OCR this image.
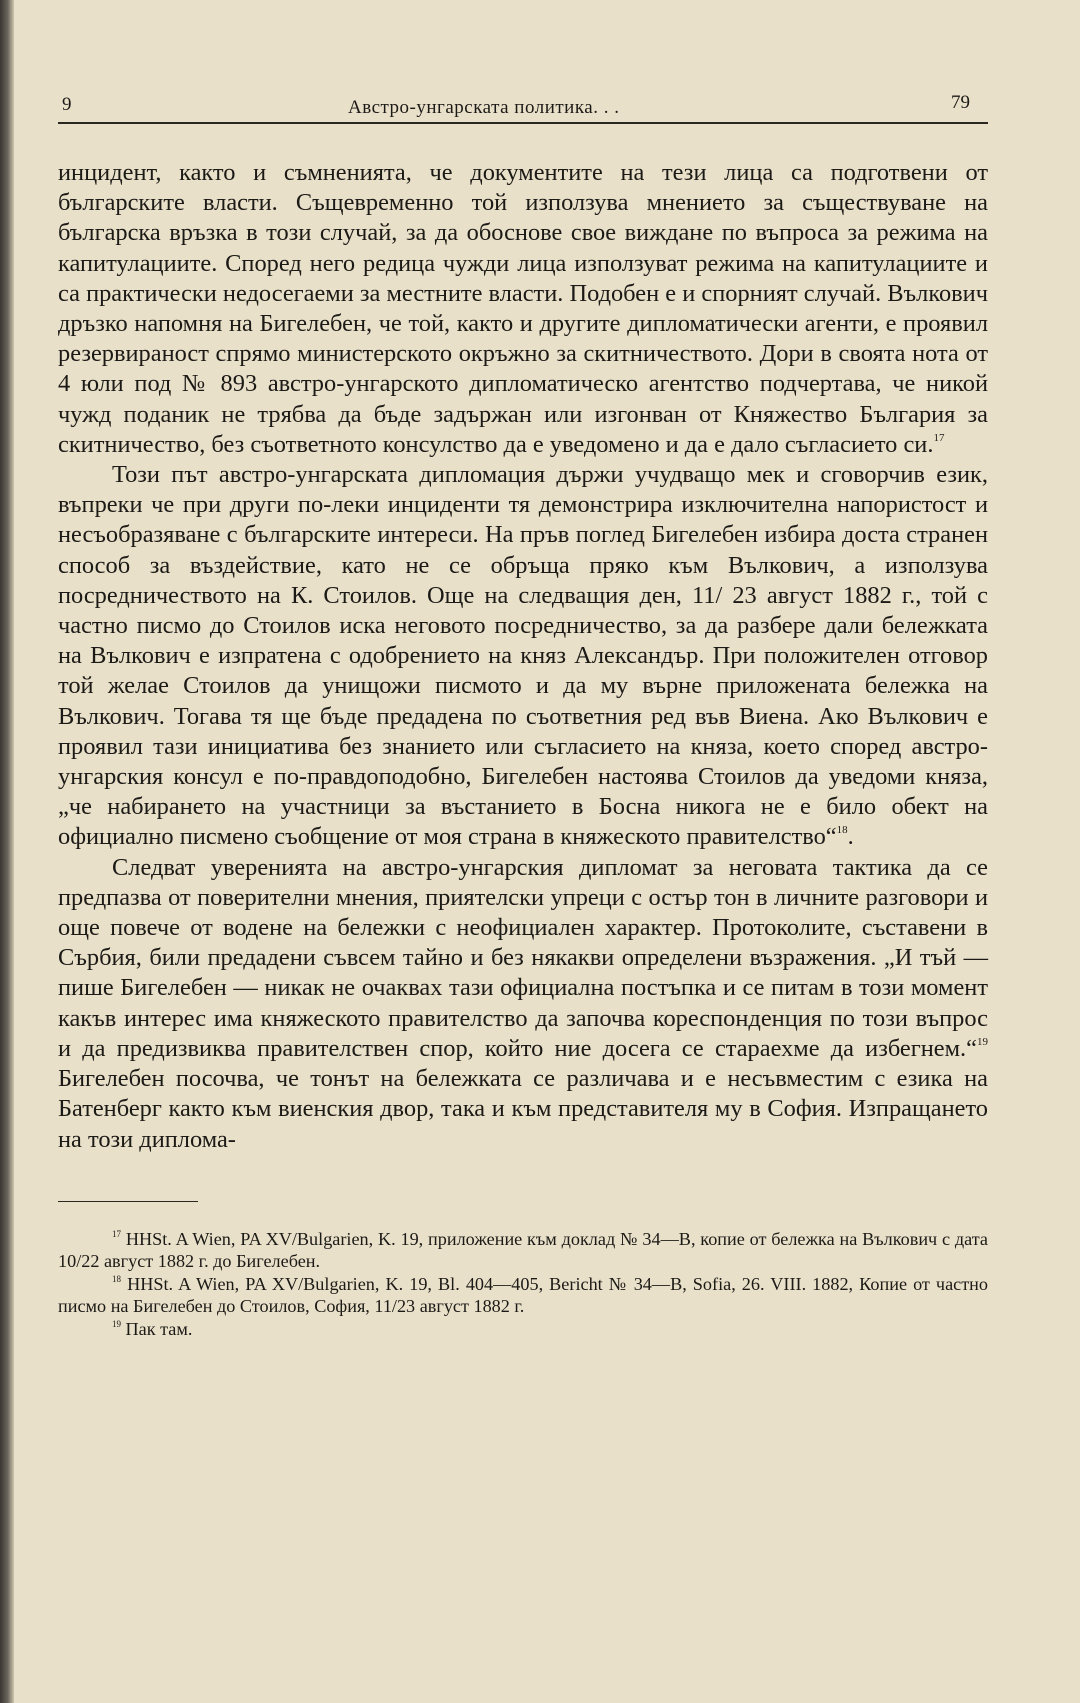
9	Австро-унгарската политика. . .	79

инцидент, както и съмненията, че документите на тези лица са подготвени от българските власти. Същевременно той използува мнението за съществуване на българска връзка в този случай, за да обоснове своe виждане по въпроса за режима на капитулациите. Според него редица чужди лица използуват режима на капитулациите и са практически недосегаеми за местните власти. Подобен е и спорният случай. Вълкович дръзко напомня на Бигелебен, че той, както и другите дипломатически агенти, е проявил резервираност спрямо министерското окръжно за скитничеството. Дори в своята нота от 4 юли под № 893 австро-унгарското дипломатическо агентство подчертава, че никой чужд поданик не трябва да бъде задържан или изгонван от Княжество България за скитничество, без съответното консулство да е уведомено и да е дало съгласието си.$^{17}$

Този път австро-унгарската дипломация държи учудващо мек и сговорчив език, въпреки че при други по-леки инциденти тя демонстрира изключителна напористост и несъобразяване с българските интереси. На пръв поглед Бигелебен избира доста странен способ за въздействие, като не се обръща пряко към Вълкович, а използува посредничеството на К. Стоилов. Още на следващия ден, 11/ 23 август 1882 г., той с частно писмо до Стоилов иска неговото посредничество, за да разбере дали бележката на Вълкович е изпратена с одобрението на княз Александър. При положителен отговор той желае Стоилов да унищожи писмото и да му върне приложената бележка на Вълкович. Тогава тя ще бъде предадена по съответния ред във Виена. Ако Вълкович е проявил тази инициатива без знанието или съгласието на княза, което според австро-унгарския консул е по-правдоподобно, Бигелебен настоява Стоилов да уведоми княза, „че набирането на участници за въстанието в Босна никога не е било обект на официално писмено съобщение от моя страна в княжеското правителство“$^{18}$.

Следват уверенията на австро-унгарския дипломат за неговата тактика да се предпазва от поверителни мнения, приятелски упреци с остър тон в личните разговори и още повече от водене на бележки с неофициален характер. Протоколите, съставени в Сърбия, били предадени съвсем тайно и без някакви определени възражения. „И тъй — пише Бигелебен — никак не очаквах тази официална постъпка и се питам в този момент какъв интерес има княжеското правителство да започва кореспонденция по този въпрос и да предизвиква правителствен спор, който ние досега се стараехме да избегнем.“$^{19}$ Бигелебен посочва, че тонът на бележката се различава и е несъвместим с езика на Батенберг както към виенския двор, така и към представителя му в София. Изпращането на този диплома-

$^{17}$ HHSt. A Wien, PA XV/Bulgarien, K. 19, приложение към доклад № 34—B, копие от бележка на Вълкович с дата 10/22 август 1882 г. до Бигелебен.

$^{18}$ HHSt. A Wien, PA XV/Bulgarien, K. 19, Bl. 404—405, Bericht № 34—B, Sofia, 26. VIII. 1882, Копие от частно писмо на Бигелебен до Стоилов, София, 11/23 август 1882 г.

$^{19}$ Пак там.
